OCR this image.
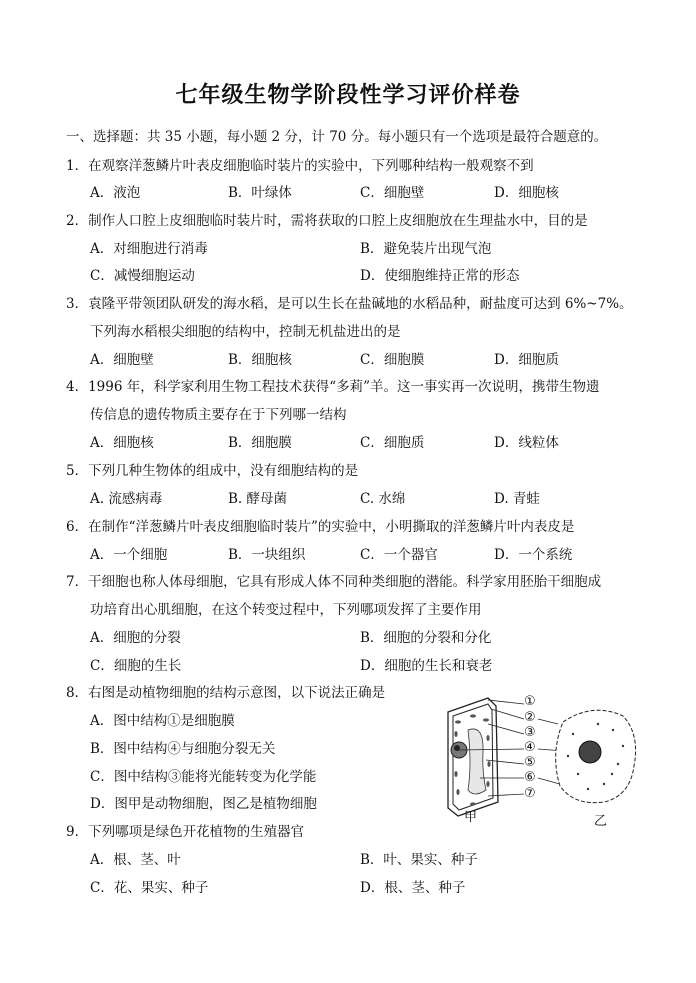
七年级生物学阶段性学习评价样卷
一、选择题：共 35 小题，每小题 2 分，计 70 分。每小题只有一个选项是最符合题意的。
1．在观察洋葱鳞片叶表皮细胞临时装片的实验中，下列哪种结构一般观察不到
A．液泡	B．叶绿体	C．细胞壁	D．细胞核
2．制作人口腔上皮细胞临时装片时，需将获取的口腔上皮细胞放在生理盐水中，目的是
A．对细胞进行消毒	B．避免装片出现气泡
C．减慢细胞运动	D．使细胞维持正常的形态
3．袁隆平带领团队研发的海水稻，是可以生长在盐碱地的水稻品种，耐盐度可达到 6%~7%。
下列海水稻根尖细胞的结构中，控制无机盐进出的是
A．细胞壁	B．细胞核	C．细胞膜	D．细胞质
4．1996 年，科学家利用生物工程技术获得“多莉”羊。这一事实再一次说明，携带生物遗
传信息的遗传物质主要存在于下列哪一结构
A．细胞核	B．细胞膜	C．细胞质	D．线粒体
5．下列几种生物体的组成中，没有细胞结构的是
A. 流感病毒	B. 酵母菌	C. 水绵	D. 青蛙
6．在制作“洋葱鳞片叶表皮细胞临时装片”的实验中，小明撕取的洋葱鳞片叶内表皮是
A．一个细胞	B．一块组织	C．一个器官	D．一个系统
7．干细胞也称人体母细胞，它具有形成人体不同种类细胞的潜能。科学家用胚胎干细胞成
功培育出心肌细胞，在这个转变过程中，下列哪项发挥了主要作用
A．细胞的分裂	B．细胞的分裂和分化
C．细胞的生长	D．细胞的生长和衰老
8．右图是动植物细胞的结构示意图，以下说法正确是
A．图中结构①是细胞膜
B．图中结构④与细胞分裂无关
C．图中结构③能将光能转变为化学能
D．图甲是动物细胞，图乙是植物细胞
①
②
③
④
⑤
⑥
⑦
甲	乙
9．下列哪项是绿色开花植物的生殖器官
A．根、茎、叶	B．叶、果实、种子
C．花、果实、种子	D．根、茎、种子
